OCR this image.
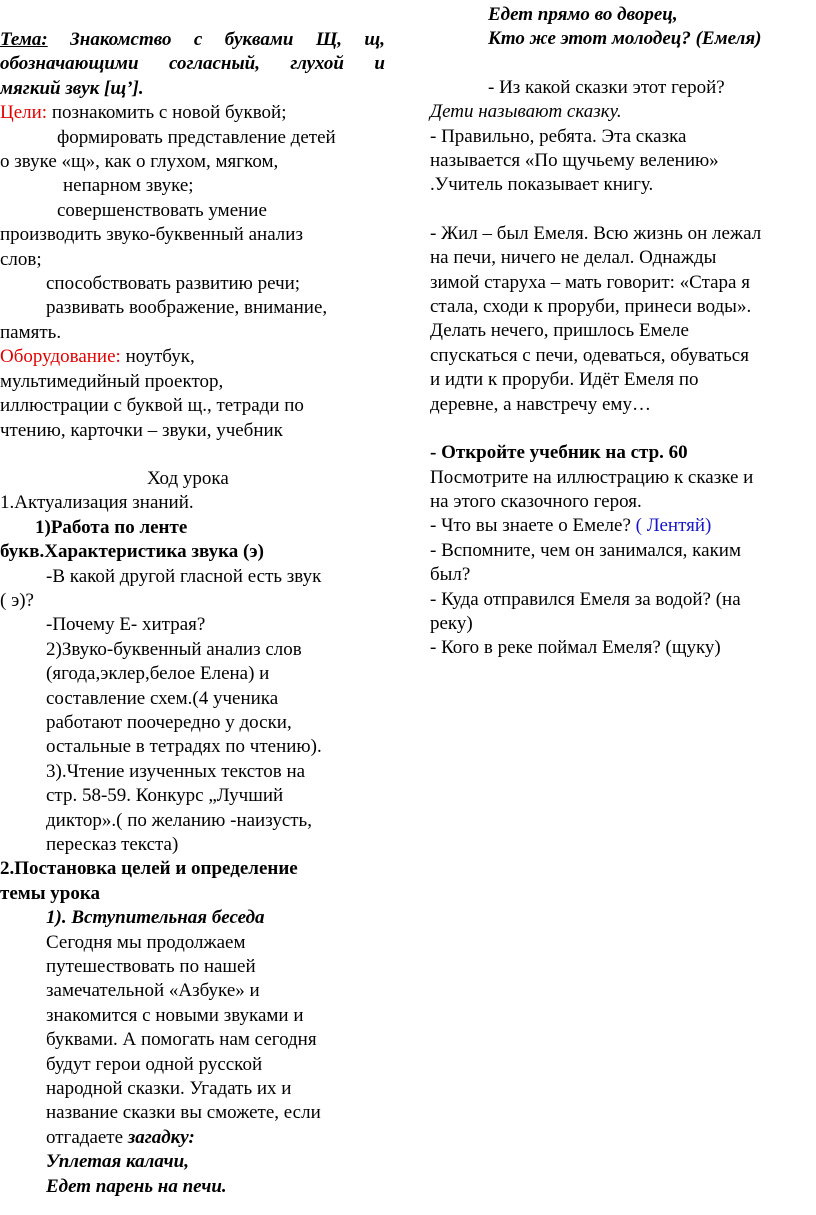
Тема: Знакомство с буквами Щ, щ,
обозначающими согласный, глухой и
мягкий звук [щ’].
Цели: познакомить с новой буквой;
формировать представление детей
о звуке «щ», как о глухом, мягком,
непарном звуке;
совершенствовать умение
производить звуко-буквенный анализ
слов;
способствовать развитию речи;
развивать воображение, внимание,
память.
Оборудование: ноутбук,
мультимедийный проектор,
иллюстрации с буквой щ., тетради по
чтению, карточки – звуки, учебник
Ход урока
1.Актуализация знаний.
1)Работа по ленте
букв.Характеристика звука (э)
-В какой другой гласной есть звук
( э)?
-Почему Е- хитрая?
2)Звуко-буквенный анализ слов
(ягода,эклер,белое Елена) и
составление схем.(4 ученика
работают поочередно у доски,
остальные в тетрадях по чтению).
3).Чтение изученных текстов на
стр. 58-59. Конкурс „Лучший
диктор».( по желанию -наизусть,
пересказ текста)
2.Постановка целей и определение
темы урока
1). Вступительная беседа
Сегодня мы продолжаем
путешествовать по нашей
замечательной «Азбуке» и
знакомится с новыми звуками и
буквами. А помогать нам сегодня
будут герои одной русской
народной сказки. Угадать их и
название сказки вы сможете, если
отгадаете загадку:
Уплетая калачи,
Едет парень на печи.
Едет прямо во дворец,
Кто же этот молодец? (Емеля)
- Из какой сказки этот герой?
Дети называют сказку.
- Правильно, ребята. Эта сказка
называется «По щучьему велению»
.Учитель показывает книгу.
- Жил – был Емеля. Всю жизнь он лежал
на печи, ничего не делал. Однажды
зимой старуха – мать говорит: «Стара я
стала, сходи к проруби, принеси воды».
Делать нечего, пришлось Емеле
спускаться с печи, одеваться, обуваться
и идти к проруби. Идёт Емеля по
деревне, а навстречу ему…
- Откройте учебник на стр. 60
Посмотрите на иллюстрацию к сказке и
на этого сказочного героя.
- Что вы знаете о Емеле? ( Лентяй)
- Вспомните, чем он занимался, каким
был?
- Куда отправился Емеля за водой? (на
реку)
- Кого в реке поймал Емеля? (щуку)
